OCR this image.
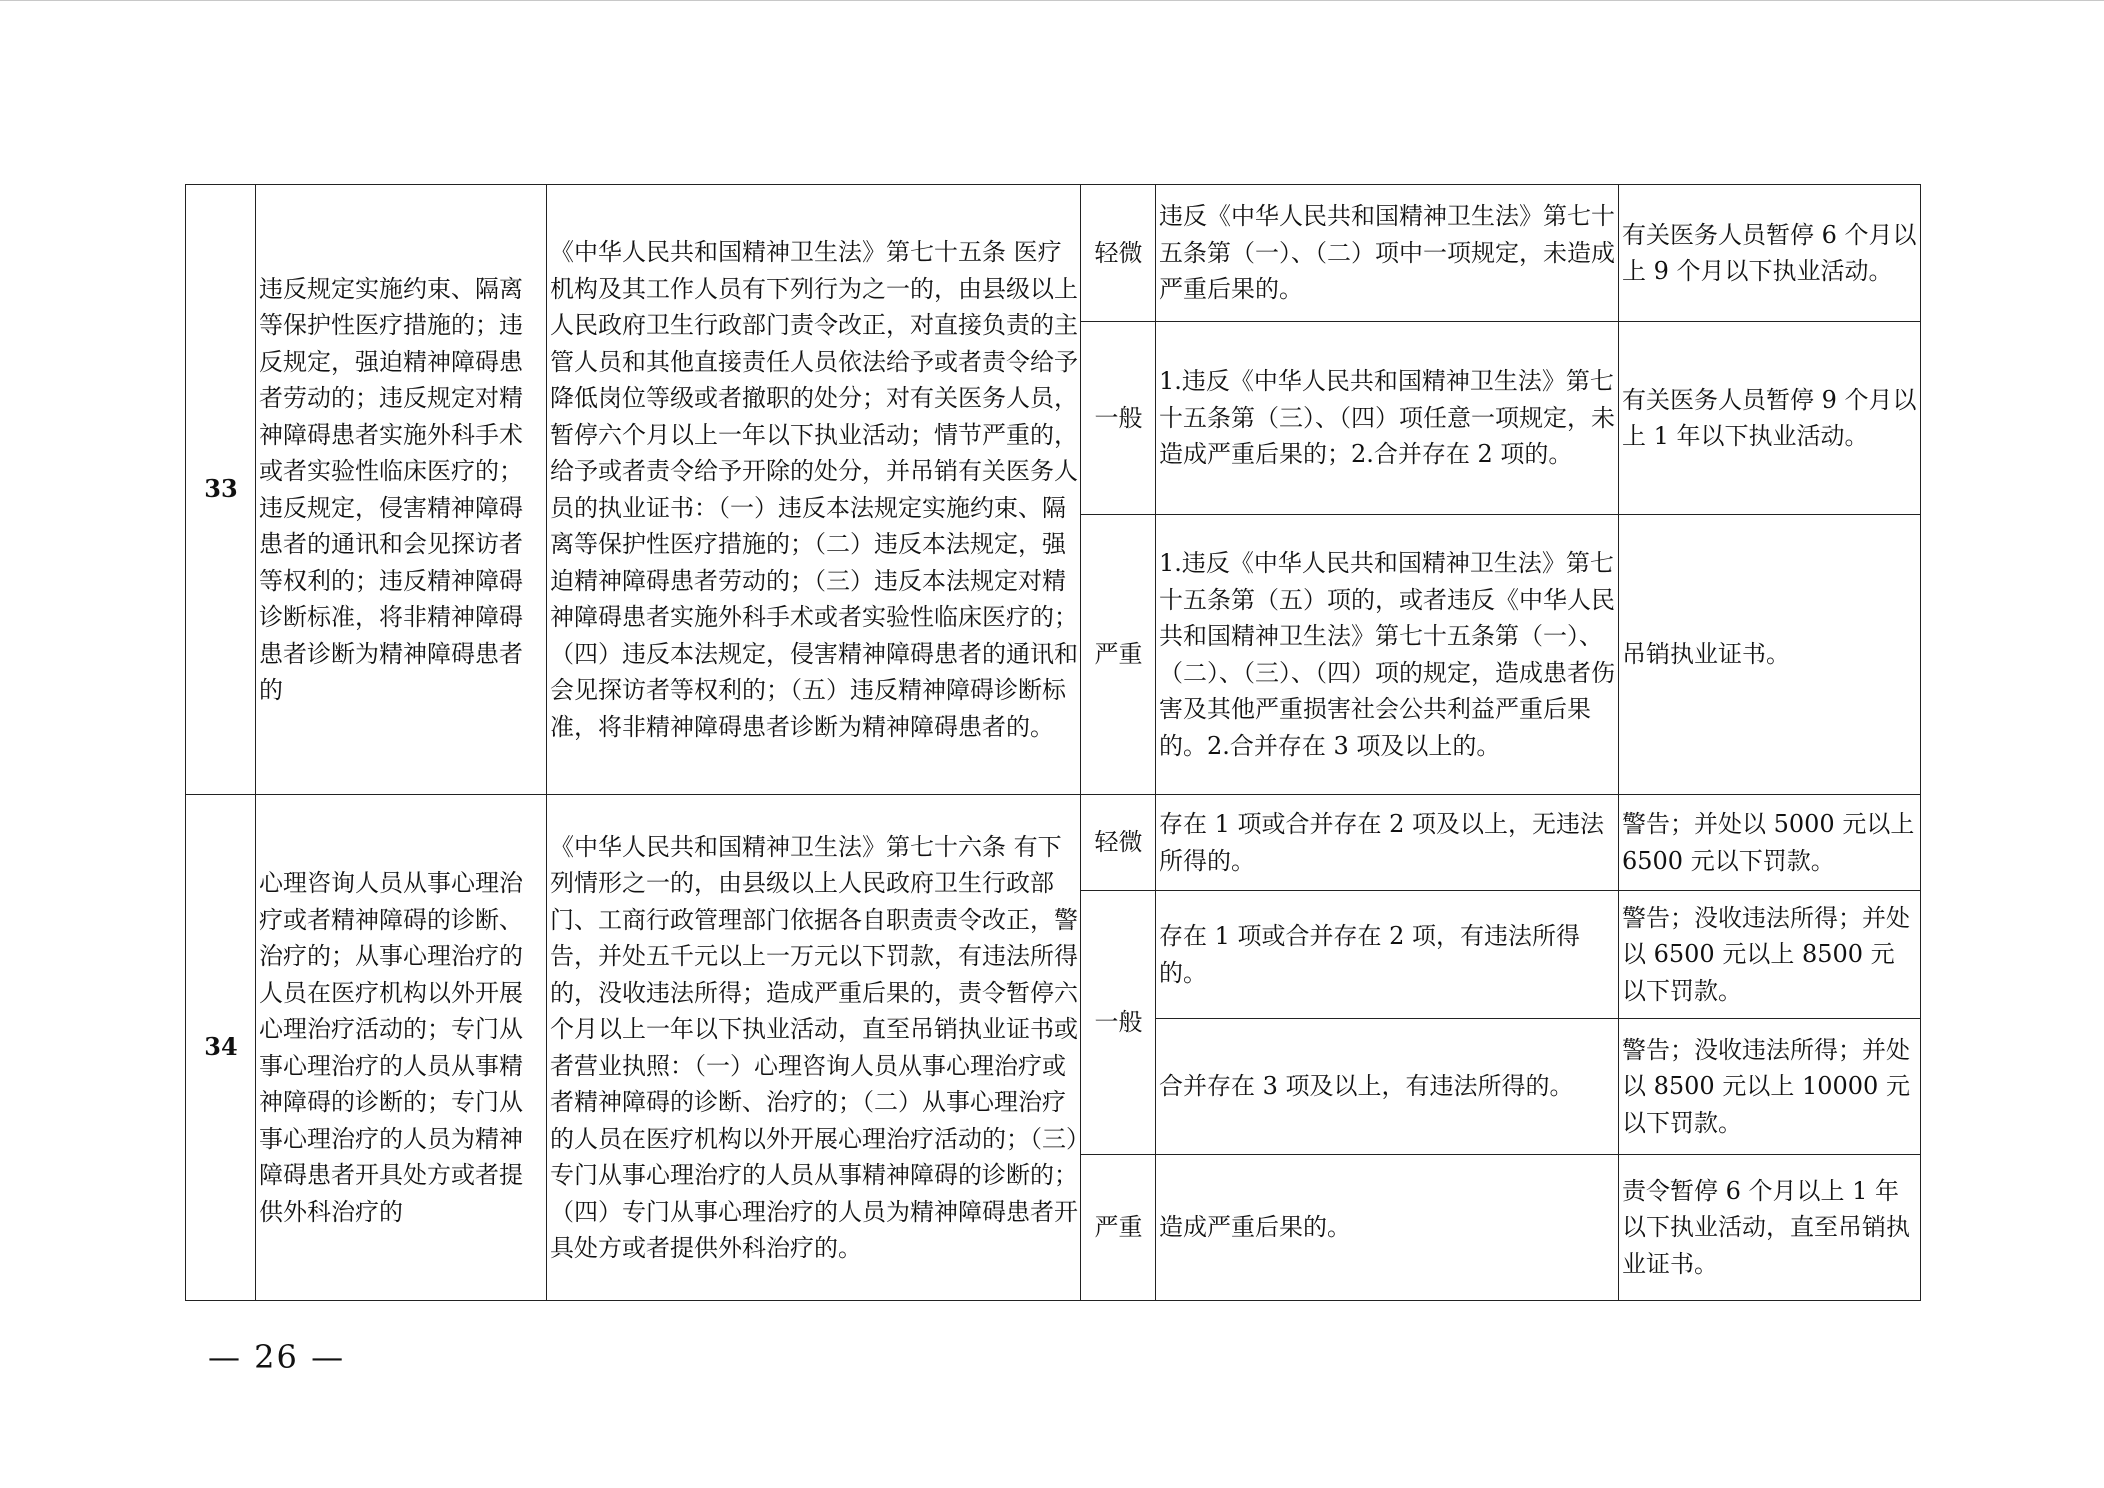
33	违反规定实施约束、隔离等保护性医疗措施的；违反规定，强迫精神障碍患者劳动的；违反规定对精神障碍患者实施外科手术或者实验性临床医疗的；违反规定，侵害精神障碍患者的通讯和会见探访者等权利的；违反精神障碍诊断标准，将非精神障碍患者诊断为精神障碍患者的	《中华人民共和国精神卫生法》第七十五条 医疗机构及其工作人员有下列行为之一的，由县级以上人民政府卫生行政部门责令改正，对直接负责的主管人员和其他直接责任人员依法给予或者责令给予降低岗位等级或者撤职的处分；对有关医务人员，暂停六个月以上一年以下执业活动；情节严重的，给予或者责令给予开除的处分，并吊销有关医务人员的执业证书：（一）违反本法规定实施约束、隔离等保护性医疗措施的；（二）违反本法规定，强迫精神障碍患者劳动的；（三）违反本法规定对精神障碍患者实施外科手术或者实验性临床医疗的；（四）违反本法规定，侵害精神障碍患者的通讯和会见探访者等权利的；（五）违反精神障碍诊断标准，将非精神障碍患者诊断为精神障碍患者的。	轻微	违反《中华人民共和国精神卫生法》第七十五条第（一）、（二）项中一项规定，未造成严重后果的。	有关医务人员暂停 6 个月以上 9 个月以下执业活动。
			一般	1.违反《中华人民共和国精神卫生法》第七十五条第（三）、（四）项任意一项规定，未造成严重后果的；2.合并存在 2 项的。	有关医务人员暂停 9 个月以上 1 年以下执业活动。
			严重	1.违反《中华人民共和国精神卫生法》第七十五条第（五）项的，或者违反《中华人民共和国精神卫生法》第七十五条第（一）、（二）、（三）、（四）项的规定，造成患者伤害及其他严重损害社会公共利益严重后果的。2.合并存在 3 项及以上的。	吊销执业证书。
34	心理咨询人员从事心理治疗或者精神障碍的诊断、治疗的；从事心理治疗的人员在医疗机构以外开展心理治疗活动的；专门从事心理治疗的人员从事精神障碍的诊断的；专门从事心理治疗的人员为精神障碍患者开具处方或者提供外科治疗的	《中华人民共和国精神卫生法》第七十六条 有下列情形之一的，由县级以上人民政府卫生行政部门、工商行政管理部门依据各自职责责令改正，警告，并处五千元以上一万元以下罚款，有违法所得的，没收违法所得；造成严重后果的，责令暂停六个月以上一年以下执业活动，直至吊销执业证书或者营业执照：（一）心理咨询人员从事心理治疗或者精神障碍的诊断、治疗的；（二）从事心理治疗的人员在医疗机构以外开展心理治疗活动的；（三）专门从事心理治疗的人员从事精神障碍的诊断的；（四）专门从事心理治疗的人员为精神障碍患者开具处方或者提供外科治疗的。	轻微	存在 1 项或合并存在 2 项及以上，无违法所得的。	警告；并处以 5000 元以上 6500 元以下罚款。
			一般	存在 1 项或合并存在 2 项，有违法所得的。	警告；没收违法所得；并处以 6500 元以上 8500 元以下罚款。
				合并存在 3 项及以上，有违法所得的。	警告；没收违法所得；并处以 8500 元以上 10000 元以下罚款。
			严重	造成严重后果的。	责令暂停 6 个月以上 1 年以下执业活动，直至吊销执业证书。
— 26 —
